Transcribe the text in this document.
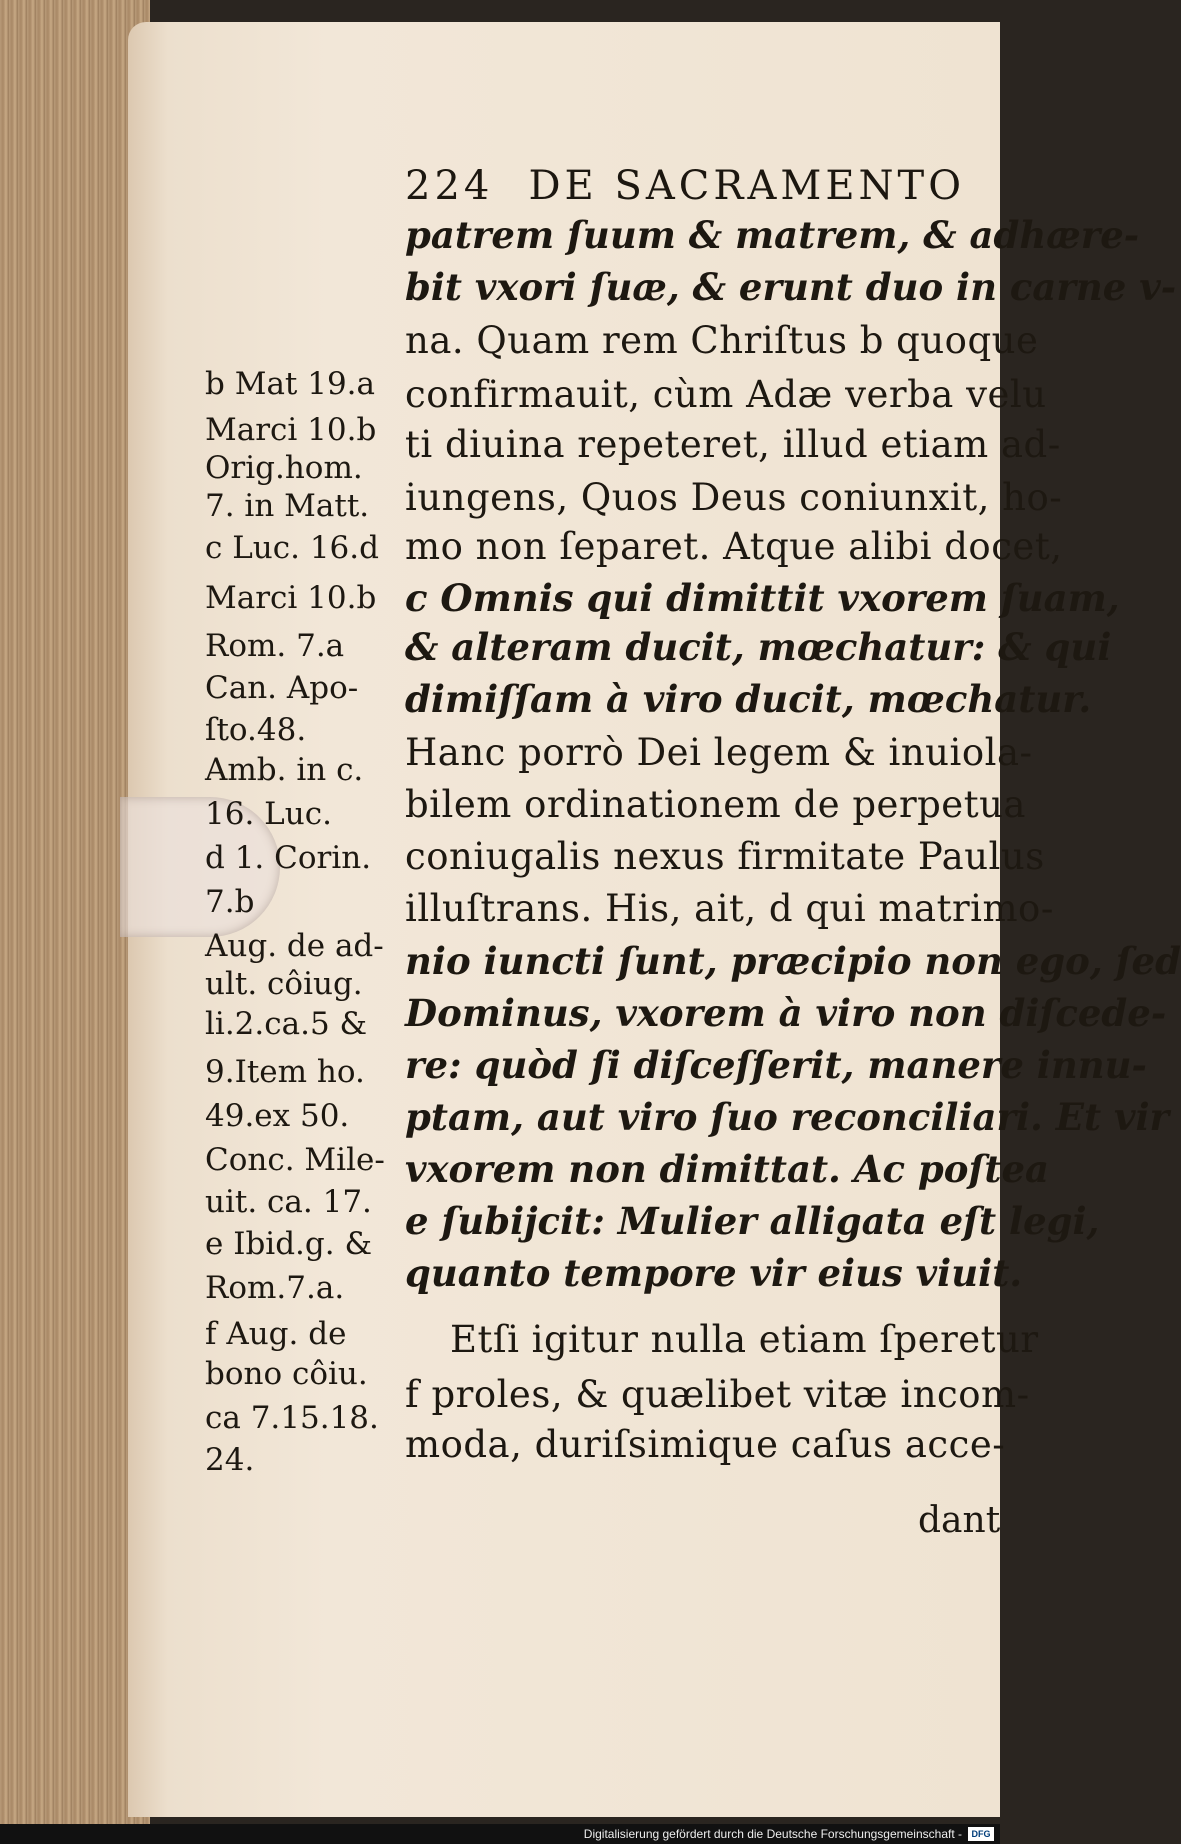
224 DE SACRAMENTO
patrem ſuum & matrem, & adhære-
bit vxori ſuæ, & erunt duo in carne v-
na. Quam rem Chriſtus b quoque
confirmauit, cùm Adæ verba velu
ti diuina repeteret, illud etiam ad-
iungens, Quos Deus coniunxit, ho-
mo non ſeparet. Atque alibi docet,
c Omnis qui dimittit vxorem ſuam,
& alteram ducit, mœchatur: & qui
dimiſſam à viro ducit, mœchatur.
Hanc porrò Dei legem & inuiola-
bilem ordinationem de perpetua
coniugalis nexus firmitate Paulus
illuſtrans. His, ait, d qui matrimo-
nio iuncti ſunt, præcipio non ego, ſed
Dominus, vxorem à viro non diſcede-
re: quòd ſi diſceſſerit, manere innu-
ptam, aut viro ſuo reconciliari. Et vir
vxorem non dimittat. Ac poſtea
e ſubijcit: Mulier alligata eſt legi,
quanto tempore vir eius viuit.
Etſi igitur nulla etiam ſperetur
f proles, & quælibet vitæ incom-
moda, duriſsimique caſus acce-
dant
b Mat 19.a
Marci 10.b
Orig.hom.
7. in Matt.
c Luc. 16.d
Marci 10.b
Rom. 7.a
Can. Apo-
ſto.48.
Amb. in c.
16. Luc.
d 1. Corin.
7.b
Aug. de ad-
ult. côiug.
li.2.ca.5 &
9.Item ho.
49.ex 50.
Conc. Mile-
uit. ca. 17.
e Ibid.g. &
Rom.7.a.
f Aug. de
bono côiu.
ca 7.15.18.
24.
Digitalisierung gefördert durch die Deutsche Forschungsgemeinschaft -	DFG
